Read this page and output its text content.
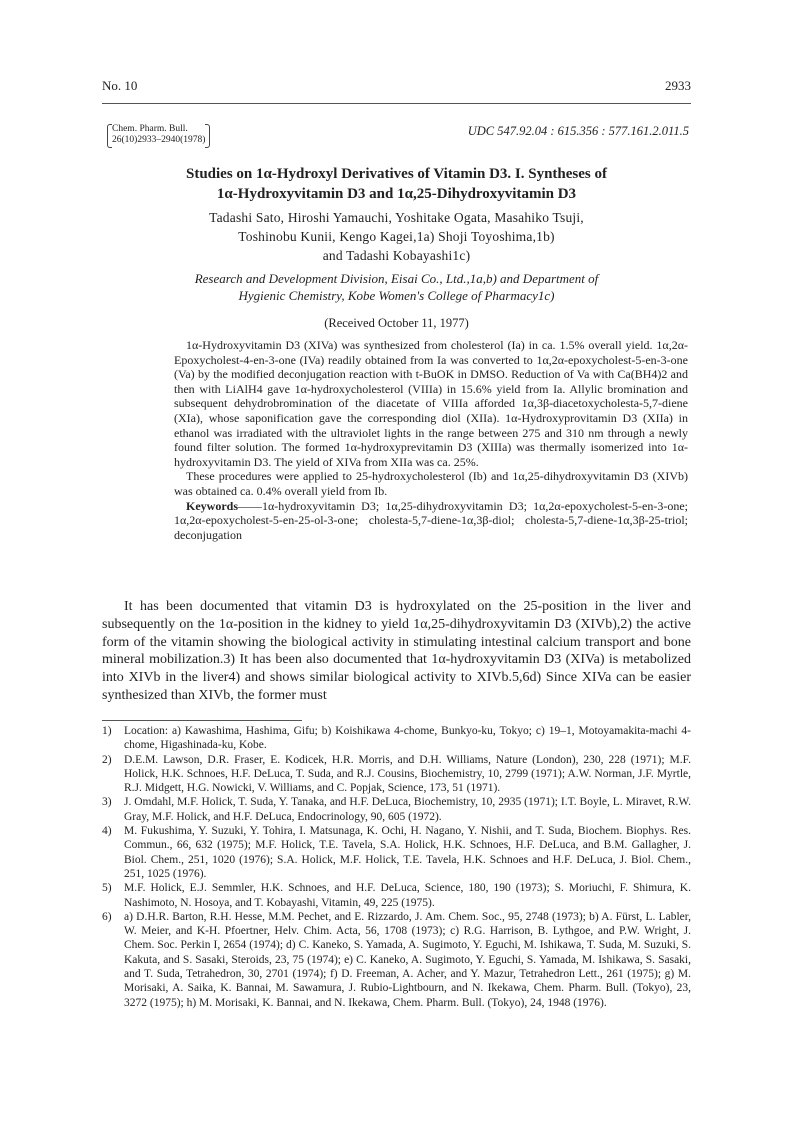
No. 10	2933
Chem. Pharm. Bull.
26(10)2933–2940(1978)
UDC 547.92.04 : 615.356 : 577.161.2.011.5
Studies on 1α-Hydroxyl Derivatives of Vitamin D3. I. Syntheses of
1α-Hydroxyvitamin D3 and 1α,25-Dihydroxyvitamin D3
Tadashi Sato, Hiroshi Yamauchi, Yoshitake Ogata, Masahiko Tsuji,
Toshinobu Kunii, Kengo Kagei,1a) Shoji Toyoshima,1b)
and Tadashi Kobayashi1c)
Research and Development Division, Eisai Co., Ltd.,1a,b) and Department of
Hygienic Chemistry, Kobe Women's College of Pharmacy1c)
(Received October 11, 1977)

1α-Hydroxyvitamin D3 (XIVa) was synthesized from cholesterol (Ia) in ca. 1.5% overall yield. 1α,2α-Epoxycholest-4-en-3-one (IVa) readily obtained from Ia was converted to 1α,2α-epoxycholest-5-en-3-one (Va) by the modified deconjugation reaction with t-BuOK in DMSO. Reduction of Va with Ca(BH4)2 and then with LiAlH4 gave 1α-hydroxycholesterol (VIIIa) in 15.6% yield from Ia. Allylic bromination and subsequent dehydrobromination of the diacetate of VIIIa afforded 1α,3β-diacetoxycholesta-5,7-diene (XIa), whose saponification gave the corresponding diol (XIIa). 1α-Hydroxyprovitamin D3 (XIIa) in ethanol was irradiated with the ultraviolet lights in the range between 275 and 310 nm through a newly found filter solution. The formed 1α-hydroxyprevitamin D3 (XIIIa) was thermally isomerized into 1α-hydroxyvitamin D3. The yield of XIVa from XIIa was ca. 25%.

These procedures were applied to 25-hydroxycholesterol (Ib) and 1α,25-dihydroxyvitamin D3 (XIVb) was obtained ca. 0.4% overall yield from Ib.

Keywords——1α-hydroxyvitamin D3; 1α,25-dihydroxyvitamin D3; 1α,2α-epoxycholest-5-en-3-one; 1α,2α-epoxycholest-5-en-25-ol-3-one; cholesta-5,7-diene-1α,3β-diol; cholesta-5,7-diene-1α,3β-25-triol; deconjugation

It has been documented that vitamin D3 is hydroxylated on the 25-position in the liver and subsequently on the 1α-position in the kidney to yield 1α,25-dihydroxyvitamin D3 (XIVb),2) the active form of the vitamin showing the biological activity in stimulating intestinal calcium transport and bone mineral mobilization.3) It has been also documented that 1α-hydroxyvitamin D3 (XIVa) is metabolized into XIVb in the liver4) and shows similar biological activity to XIVb.5,6d) Since XIVa can be easier synthesized than XIVb, the former must

1)	Location: a) Kawashima, Hashima, Gifu; b) Koishikawa 4-chome, Bunkyo-ku, Tokyo; c) 19–1, Motoyamakita-machi 4-chome, Higashinada-ku, Kobe.
2)	D.E.M. Lawson, D.R. Fraser, E. Kodicek, H.R. Morris, and D.H. Williams, Nature (London), 230, 228 (1971); M.F. Holick, H.K. Schnoes, H.F. DeLuca, T. Suda, and R.J. Cousins, Biochemistry, 10, 2799 (1971); A.W. Norman, J.F. Myrtle, R.J. Midgett, H.G. Nowicki, V. Williams, and C. Popjak, Science, 173, 51 (1971).
3)	J. Omdahl, M.F. Holick, T. Suda, Y. Tanaka, and H.F. DeLuca, Biochemistry, 10, 2935 (1971); I.T. Boyle, L. Miravet, R.W. Gray, M.F. Holick, and H.F. DeLuca, Endocrinology, 90, 605 (1972).
4)	M. Fukushima, Y. Suzuki, Y. Tohira, I. Matsunaga, K. Ochi, H. Nagano, Y. Nishii, and T. Suda, Biochem. Biophys. Res. Commun., 66, 632 (1975); M.F. Holick, T.E. Tavela, S.A. Holick, H.K. Schnoes, H.F. DeLuca, and B.M. Gallagher, J. Biol. Chem., 251, 1020 (1976); S.A. Holick, M.F. Holick, T.E. Tavela, H.K. Schnoes and H.F. DeLuca, J. Biol. Chem., 251, 1025 (1976).
5)	M.F. Holick, E.J. Semmler, H.K. Schnoes, and H.F. DeLuca, Science, 180, 190 (1973); S. Moriuchi, F. Shimura, K. Nashimoto, N. Hosoya, and T. Kobayashi, Vitamin, 49, 225 (1975).
6)	a) D.H.R. Barton, R.H. Hesse, M.M. Pechet, and E. Rizzardo, J. Am. Chem. Soc., 95, 2748 (1973); b) A. Fürst, L. Labler, W. Meier, and K-H. Pfoertner, Helv. Chim. Acta, 56, 1708 (1973); c) R.G. Harrison, B. Lythgoe, and P.W. Wright, J. Chem. Soc. Perkin I, 2654 (1974); d) C. Kaneko, S. Yamada, A. Sugimoto, Y. Eguchi, M. Ishikawa, T. Suda, M. Suzuki, S. Kakuta, and S. Sasaki, Steroids, 23, 75 (1974); e) C. Kaneko, A. Sugimoto, Y. Eguchi, S. Yamada, M. Ishikawa, S. Sasaki, and T. Suda, Tetrahedron, 30, 2701 (1974); f) D. Freeman, A. Acher, and Y. Mazur, Tetrahedron Lett., 261 (1975); g) M. Morisaki, A. Saika, K. Bannai, M. Sawamura, J. Rubio-Lightbourn, and N. Ikekawa, Chem. Pharm. Bull. (Tokyo), 23, 3272 (1975); h) M. Morisaki, K. Bannai, and N. Ikekawa, Chem. Pharm. Bull. (Tokyo), 24, 1948 (1976).
